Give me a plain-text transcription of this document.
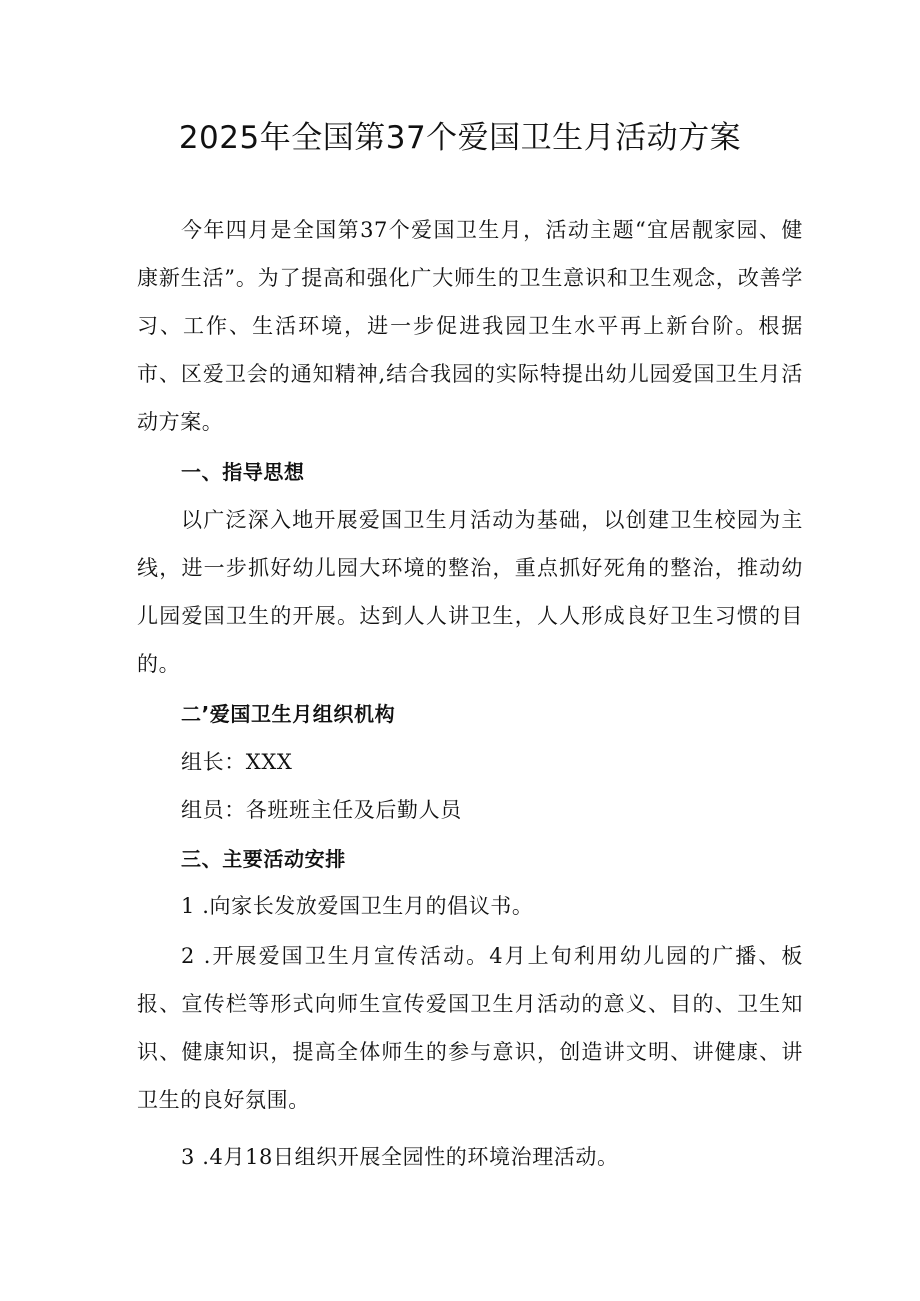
2025年全国第37个爱国卫生月活动方案
今年四月是全国第37个爱国卫生月，活动主题“宜居靓家园、健康新生活”。为了提高和强化广大师生的卫生意识和卫生观念，改善学习、工作、生活环境，进一步促进我园卫生水平再上新台阶。根据市、区爱卫会的通知精神,结合我园的实际特提出幼儿园爱国卫生月活动方案。
一、指导思想
以广泛深入地开展爱国卫生月活动为基础，以创建卫生校园为主线，进一步抓好幼儿园大环境的整治，重点抓好死角的整治，推动幼儿园爱国卫生的开展。达到人人讲卫生，人人形成良好卫生习惯的目的。
二’爱国卫生月组织机构
组长：XXX
组员：各班班主任及后勤人员
三、主要活动安排
1 .向家长发放爱国卫生月的倡议书。
2 .开展爱国卫生月宣传活动。4月上旬利用幼儿园的广播、板报、宣传栏等形式向师生宣传爱国卫生月活动的意义、目的、卫生知识、健康知识，提高全体师生的参与意识，创造讲文明、讲健康、讲卫生的良好氛围。
3 .4月18日组织开展全园性的环境治理活动。
